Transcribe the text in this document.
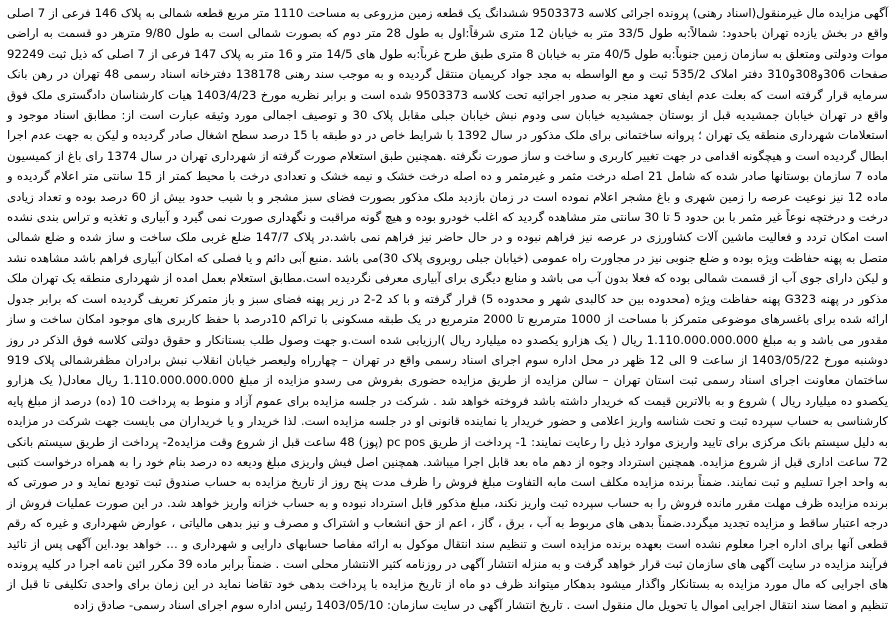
آگهی مزایده مال غیرمنقول(اسناد رهنی) پرونده اجرائی کلاسه 9503373 ششدانگ یک قطعه زمین مزروعی به مساحت 1110 متر مربع قطعه شمالی به پلاک 146 فرعی از 7 اصلی واقع در بخش یازده تهران باحدود: شمالاً:به طول 33/5 متر به خیابان 12 متری شرقاً:اول به طول 28 متر دوم که بصورت شمالی است به طول 9/80 مترهر دو قسمت به اراضی موات ودولتی ومتعلق به سازمان زمین جنوباً:به طول 40/5 متر به خیابان 8 متری طبق طرح غرباً:به طول های 14/5 متر و 16 متر به پلاک 147 فرعی از 7 اصلی که ذیل ثبت 92249 صفحات 306و308و310 دفتر املاک 535/2 ثبت و مع الواسطه به مجد جواد کریمیان منتقل گردیده و به موجب سند رهنی 138178 دفترخانه اسناد رسمی 48 تهران در رهن بانک سرمایه قرار گرفته است که بعلت عدم ایفای تعهد منجر به صدور اجرائیه تحت کلاسه 9503373 شده است و برابر نظریه مورخ 1403/4/23 هیات کارشناسان دادگستری ملک فوق واقع در تهران خیابان جمشیدیه قبل از بوستان جمشیدیه خیابان سی ودوم نبش خیابان جبلی مقابل پلاک 30 و توصیف اجمالی مورد وثیقه عبارت است از: مطابق اسناد موجود و استعلامات شهرداری منطقه یک تهران ؛ پروانه ساختمانی برای ملک مذکور در سال 1392 با شرایط خاص در دو طبقه با 15 درصد سطح اشغال صادر گردیده و لیکن به جهت عدم اجرا ابطال گردیده است و هیچگونه اقدامی در جهت تغییر کاربری و ساخت و ساز صورت نگرفته .همچنین طبق استعلام صورت گرفته از شهرداری تهران در سال 1374 رای باغ از کمیسیون ماده 7 سازمان بوستانها صادر شده که شامل 21 اصله درخت مثمر و غیرمثمر و ده اصله درخت خشک و نیمه خشک و تعدادی درخت با محیط کمتر از 15 سانتی متر اعلام گردیده و ماده 12 نیز نوعیت عرصه را زمین شهری و باغ مشجر اعلام نموده است در زمان بازدید ملک مذکور بصورت فضای سبز مشجر و با شیب حدود بیش از 60 درصد بوده و تعداد زیادی درخت و درختچه نوعاً غیر مثمر با بن حدود 5 تا 30 سانتی متر مشاهده گردید که اغلب خودرو بوده و هیچ گونه مراقبت و نگهداری صورت نمی گیرد و آبیاری و تغذیه و تراس بندی نشده است امکان تردد و فعالیت ماشین آلات کشاورزی در عرصه نیز فراهم نبوده و در حال حاضر نیز فراهم نمی باشد.در پلاک 147/7 ضلع غربی ملک ساخت و ساز شده و ضلع شمالی متصل به پهنه حفاظت ویژه بوده و ضلع جنوبی نیز در مجاورت راه عمومی (خیابان جبلی روبروی پلاک 30)می باشد .منبع آبی دائم و یا فصلی که امکان آبیاری فراهم باشد مشاهده نشد و لیکن دارای جوی آب از قسمت شمالی بوده که فعلا بدون آب می باشد و منابع دیگری برای آبیاری معرفی نگردیده است.مطابق استعلام بعمل امده از شهرداری منطقه یک تهران ملک مذکور در پهنه G323 پهنه حفاظت ویژه (محدوده بین حد کالبدی شهر و محدوده 5) قرار گرفته و با کد 2-2 در زیر پهنه فضای سبز و باز متمرکز تعریف گردیده است که برابر جدول ارائه شده برای باغسرهای موضوعی متمرکز با مساحت از 1000 مترمربع تا 2000 مترمربع در یک طبقه مسکونی با تراکم 10درصد با حفظ کاربری های موجود امکان ساخت و ساز مقدور می باشد و به مبلغ 1.110.000.000.000 ریال ( یک هزارو یکصدو ده میلیارد ریال )ارزیابی شده است.و جهت وصول طلب بستانکار و حقوق دولتی کلاسه فوق الذکر در روز دوشنبه مورخ 1403/05/22 از ساعت 9 الی 12 ظهر در محل اداره سوم اجرای اسناد رسمی واقع در تهران – چهارراه ولیعصر خیابان انقلاب نبش برادران مظفرشمالی پلاک 919 ساختمان معاونت اجرای اسناد رسمی ثبت استان تهران – سالن مزایده از طریق مزایده حضوری بفروش می رسدو مزایده از مبلغ 1.110.000.000.000 ریال معادل( یک هزارو یکصدو ده میلیارد ریال ) شروع و به بالاترین قیمت که خریدار داشته باشد فروخته خواهد شد . شرکت در جلسه مزایده برای عموم آزاد و منوط به پرداخت 10 (ده) درصد از مبلغ پایه کارشناسی به حساب سپرده ثبت و تحت شناسه واریز اعلامی و حضور خریدار یا نماینده قانونی او در جلسه مزایده است. لذا خریدار و یا خریداران می بایست جهت شرکت در مزایده به دلیل سیستم بانک مرکزی برای تایید واریزی موارد ذیل را رعایت نمایند: 1- پرداخت از طریق pc pos (پوز) 48 ساعت قبل از شروع وقت مزایده2- پرداخت از طریق سیستم بانکی 72 ساعت اداری قبل از شروع مزایده. همچنین استرداد وجوه از دهم ماه بعد قابل اجرا میباشد. همچنین اصل فیش واریزی مبلغ ودیعه ده درصد بنام خود را به همراه درخواست کتبی به واحد اجرا تسلیم و ثبت نمایند. ضمناً برنده مزایده مکلف است مابه التفاوت مبلغ فروش را ظرف مدت پنج روز از تاریخ مزایده به حساب صندوق ثبت تودیع نماید و در صورتی که برنده مزایده ظرف مهلت مقرر مانده فروش را به حساب سپرده ثبت واریز نکند، مبلغ مذکور قابل استرداد نبوده و به حساب خزانه واریز خواهد شد. در این صورت عملیات فروش از درجه اعتبار ساقط و مزایده تجدید میگردد.ضمناً بدهی های مربوط به آب ، برق ، گاز ، اعم از حق انشعاب و اشتراک و مصرف و نیز بدهی مالیاتی ، عوارض شهرداری و غیره که رقم قطعی آنها برای اداره اجرا معلوم نشده است بعهده برنده مزایده است و تنظیم سند انتقال موکول به ارائه مفاصا حسابهای دارایی و شهرداری و … خواهد بود.این آگهی پس از تائید فرآیند مزایده در سایت آگهی های سازمان ثبت قرار خواهد گرفت و به منزله انتشار آگهی در روزنامه کثیر الانتشار محلی است . ضمناً برابر ماده 39 مکرر ائین نامه اجرا در کلیه پرونده های اجرایی که مال مورد مزایده به بستانکار واگذار میشود بدهکار میتواند ظرف دو ماه از تاریخ مزایده با پرداخت بدهی خود تقاضا نماید در این زمان برای واحدی تکلیفی تا قبل از تنظیم و امضا سند انتقال اجرایی اموال یا تحویل مال منقول است . تاریخ انتشار آگهی در سایت سازمان: 1403/05/10 رئیس اداره سوم اجرای اسناد رسمی- صادق زاده
